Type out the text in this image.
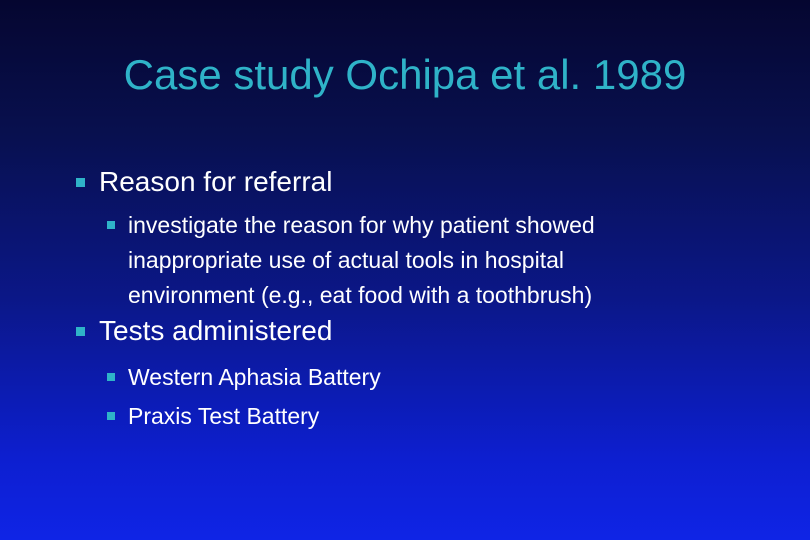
Case study Ochipa et al. 1989
Reason for referral
investigate the reason for why patient showed
inappropriate use of actual tools in hospital
environment (e.g., eat food with a toothbrush)
Tests administered
Western Aphasia Battery
Praxis Test Battery
